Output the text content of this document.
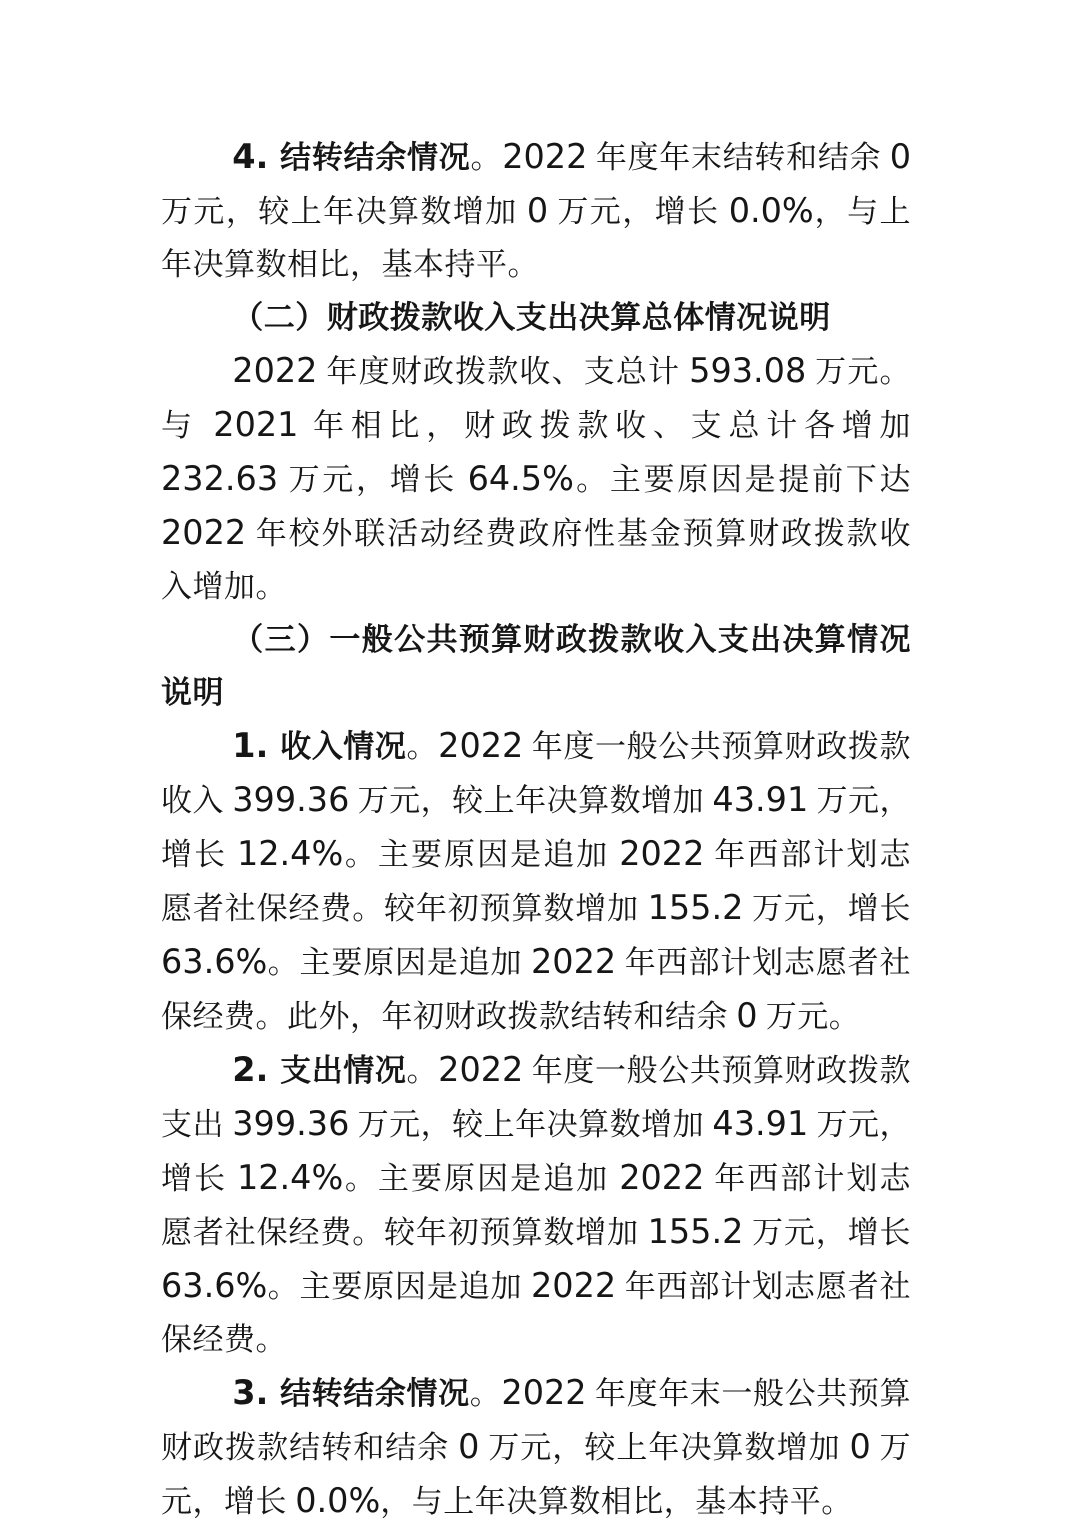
4. 结转结余情况。2022 年度年末结转和结余 0 万元，较上年决算数增加 0 万元，增长 0.0%，与上年决算数相比，基本持平。

（二）财政拨款收入支出决算总体情况说明

2022 年度财政拨款收、支总计 593.08 万元。与 2021 年相比，财政拨款收、支总计各增加 232.63 万元，增长 64.5%。主要原因是提前下达 2022 年校外联活动经费政府性基金预算财政拨款收入增加。

（三）一般公共预算财政拨款收入支出决算情况说明

1. 收入情况。2022 年度一般公共预算财政拨款收入 399.36 万元，较上年决算数增加 43.91 万元，增长 12.4%。主要原因是追加 2022 年西部计划志愿者社保经费。较年初预算数增加 155.2 万元，增长 63.6%。主要原因是追加 2022 年西部计划志愿者社保经费。此外，年初财政拨款结转和结余 0 万元。

2. 支出情况。2022 年度一般公共预算财政拨款支出 399.36 万元，较上年决算数增加 43.91 万元，增长 12.4%。主要原因是追加 2022 年西部计划志愿者社保经费。较年初预算数增加 155.2 万元，增长 63.6%。主要原因是追加 2022 年西部计划志愿者社保经费。

3. 结转结余情况。2022 年度年末一般公共预算财政拨款结转和结余 0 万元，较上年决算数增加 0 万元，增长 0.0%，与上年决算数相比，基本持平。
